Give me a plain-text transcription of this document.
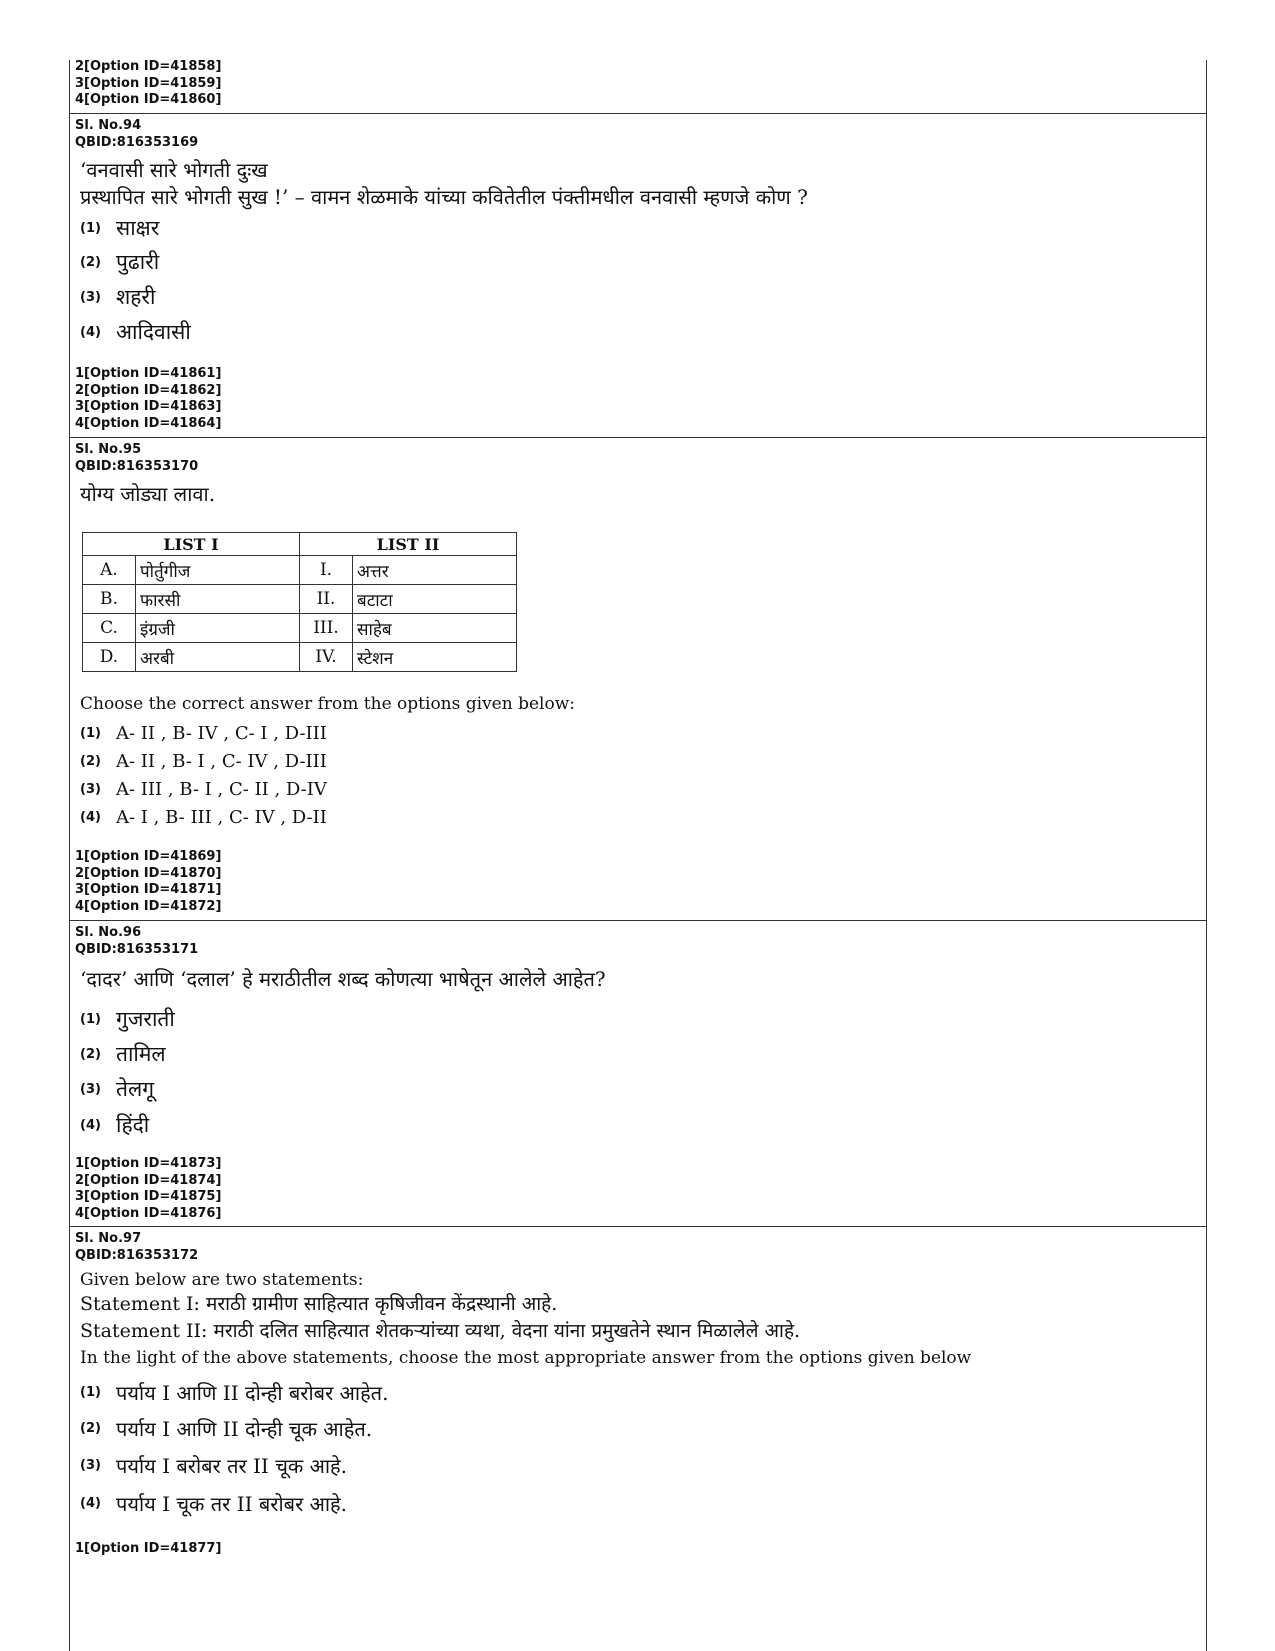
2[Option ID=41858]
3[Option ID=41859]
4[Option ID=41860]
Sl. No.94
QBID:816353169
‘वनवासी सारे भोगती दुःख
प्रस्थापित सारे भोगती सुख !’ – वामन शेळमाके यांच्या कवितेतील पंक्तीमधील वनवासी म्हणजे कोण ?
(1) साक्षर
(2) पुढारी
(3) शहरी
(4) आदिवासी
1[Option ID=41861]
2[Option ID=41862]
3[Option ID=41863]
4[Option ID=41864]
Sl. No.95
QBID:816353170
योग्य जोड्या लावा.
LIST I		LIST II	
A.	पोर्तुगीज	I.	अत्तर
B.	फारसी	II.	बटाटा
C.	इंग्रजी	III.	साहेब
D.	अरबी	IV.	स्टेशन
Choose the correct answer from the options given below:
(1) A- II , B- IV , C- I , D-III
(2) A- II , B- I , C- IV , D-III
(3) A- III , B- I , C- II , D-IV
(4) A- I , B- III , C- IV , D-II
1[Option ID=41869]
2[Option ID=41870]
3[Option ID=41871]
4[Option ID=41872]
Sl. No.96
QBID:816353171
‘दादर’ आणि ‘दलाल’ हे मराठीतील शब्द कोणत्या भाषेतून आलेले आहेत?
(1) गुजराती
(2) तामिल
(3) तेलगू
(4) हिंदी
1[Option ID=41873]
2[Option ID=41874]
3[Option ID=41875]
4[Option ID=41876]
Sl. No.97
QBID:816353172
Given below are two statements:
Statement I: मराठी ग्रामीण साहित्यात कृषिजीवन केंद्रस्थानी आहे.
Statement II: मराठी दलित साहित्यात शेतकऱ्यांच्या व्यथा, वेदना यांना प्रमुखतेने स्थान मिळालेले आहे.
In the light of the above statements, choose the most appropriate answer from the options given below
(1) पर्याय I आणि II दोन्ही बरोबर आहेत.
(2) पर्याय I आणि II दोन्ही चूक आहेत.
(3) पर्याय I बरोबर तर II चूक आहे.
(4) पर्याय I चूक तर II बरोबर आहे.
1[Option ID=41877]
